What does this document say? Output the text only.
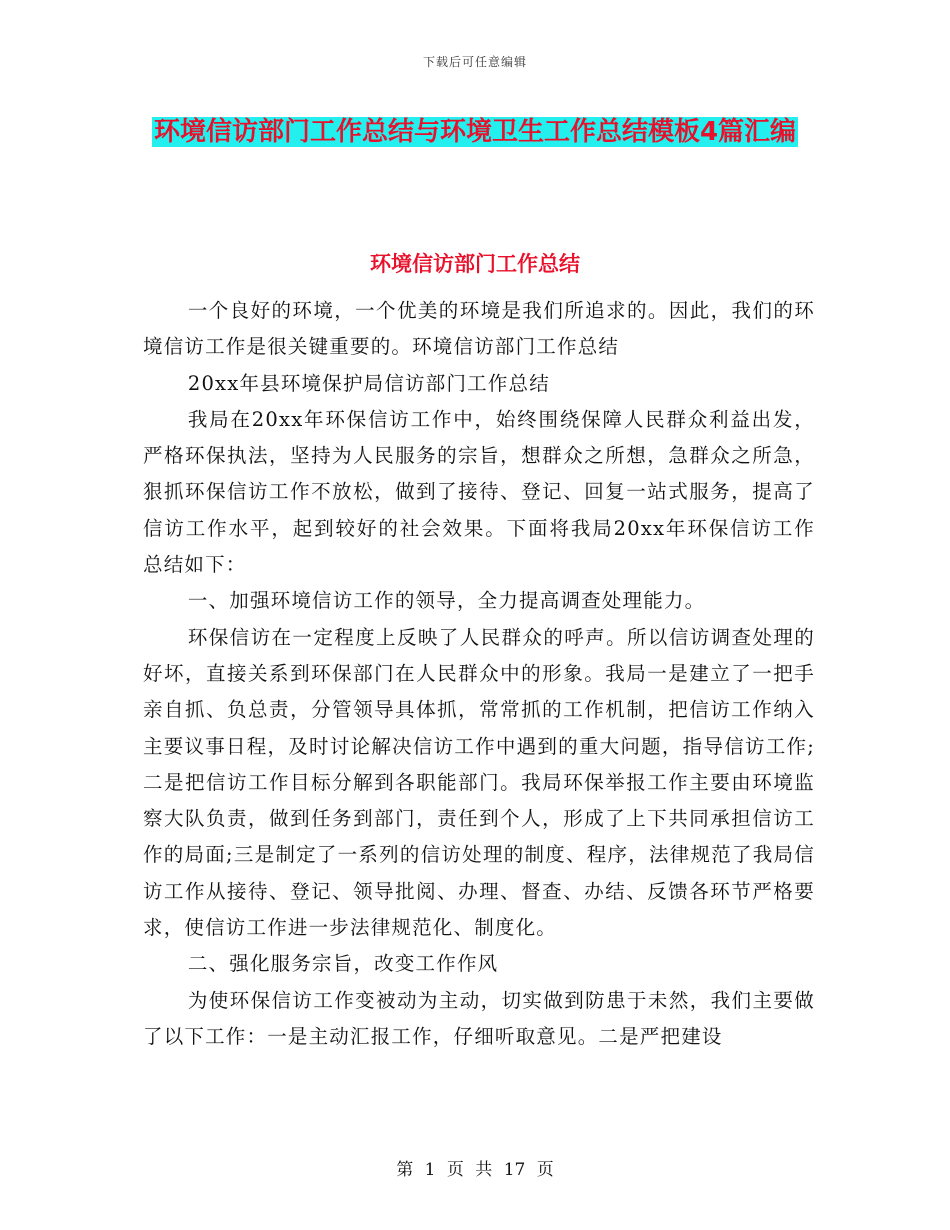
下载后可任意编辑
环境信访部门工作总结与环境卫生工作总结模板4篇汇编
环境信访部门工作总结

一个良好的环境，一个优美的环境是我们所追求的。因此，我们的环境信访工作是很关键重要的。环境信访部门工作总结

20xx年县环境保护局信访部门工作总结

我局在20xx年环保信访工作中，始终围绕保障人民群众利益出发，严格环保执法，坚持为人民服务的宗旨，想群众之所想，急群众之所急，狠抓环保信访工作不放松，做到了接待、登记、回复一站式服务，提高了信访工作水平，起到较好的社会效果。下面将我局20xx年环保信访工作总结如下：

一、加强环境信访工作的领导，全力提高调查处理能力。

环保信访在一定程度上反映了人民群众的呼声。所以信访调查处理的好坏，直接关系到环保部门在人民群众中的形象。我局一是建立了一把手亲自抓、负总责，分管领导具体抓，常常抓的工作机制，把信访工作纳入主要议事日程，及时讨论解决信访工作中遇到的重大问题，指导信访工作;二是把信访工作目标分解到各职能部门。我局环保举报工作主要由环境监察大队负责，做到任务到部门，责任到个人，形成了上下共同承担信访工作的局面;三是制定了一系列的信访处理的制度、程序，法律规范了我局信访工作从接待、登记、领导批阅、办理、督查、办结、反馈各环节严格要求，使信访工作进一步法律规范化、制度化。

二、强化服务宗旨，改变工作作风

为使环保信访工作变被动为主动，切实做到防患于未然，我们主要做了以下工作：一是主动汇报工作，仔细听取意见。二是严把建设

第 1 页 共 17 页
